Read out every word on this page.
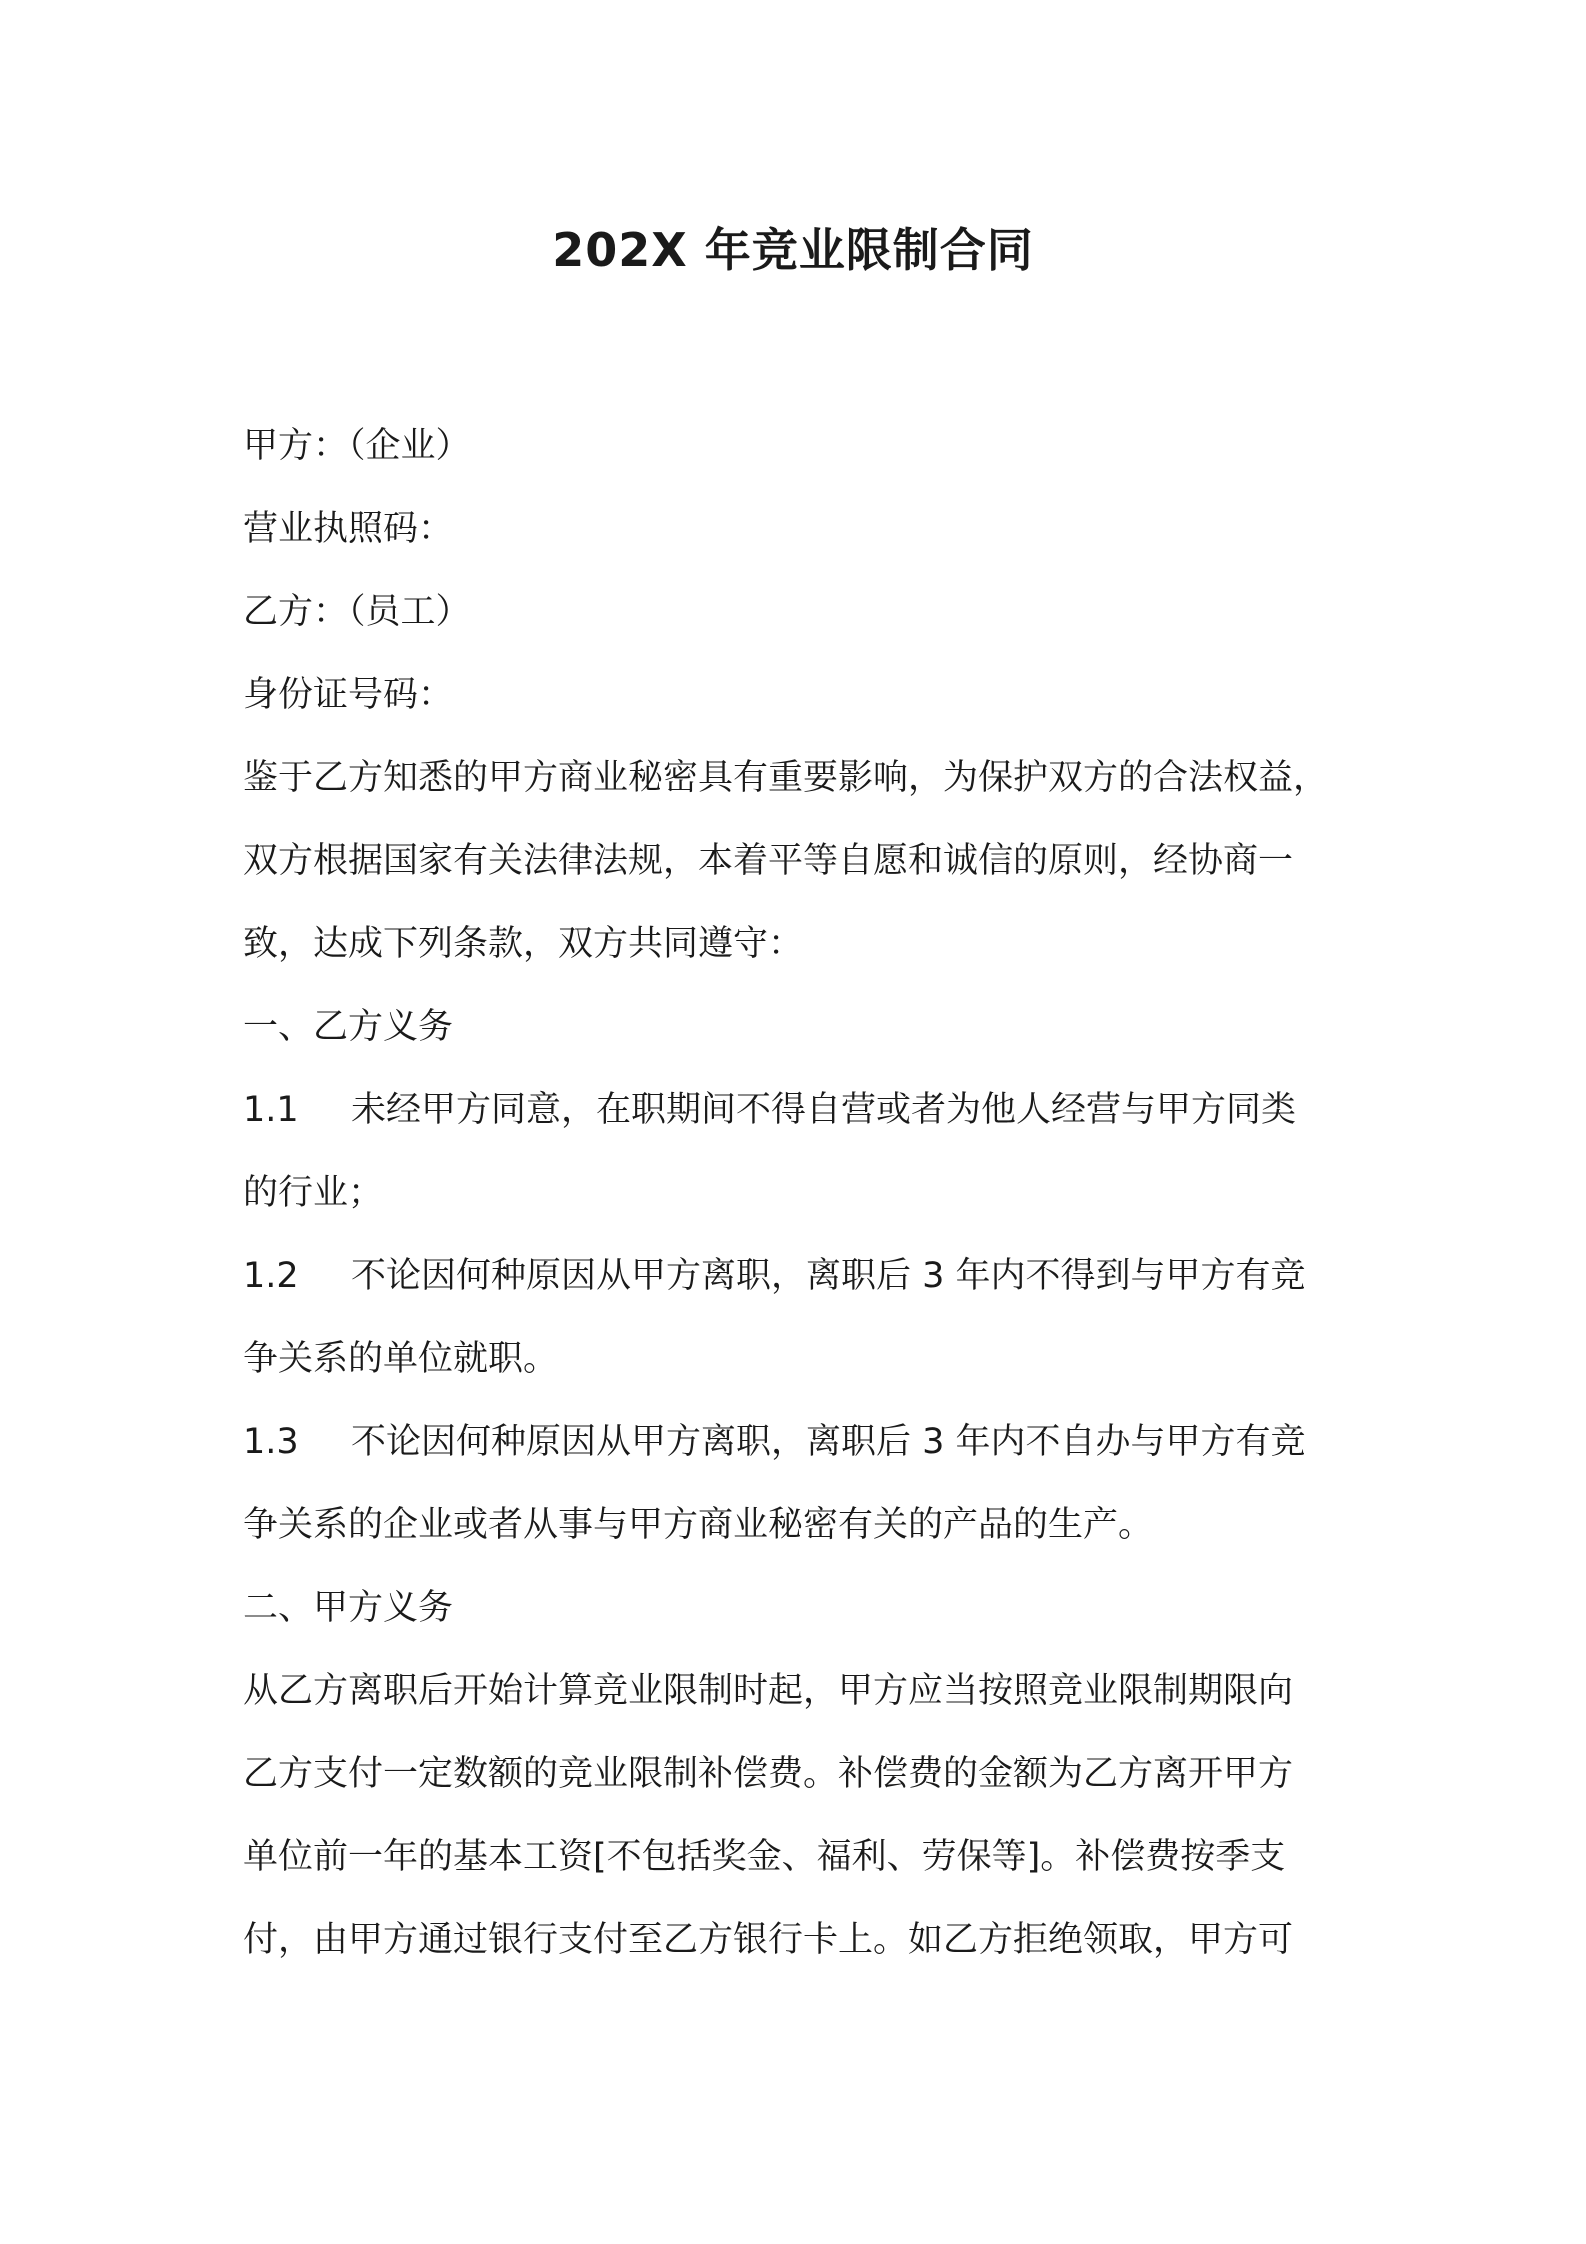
202X 年竞业限制合同
甲方：（企业）
营业执照码：
乙方：（员工）
身份证号码：
鉴于乙方知悉的甲方商业秘密具有重要影响，为保护双方的合法权益，
双方根据国家有关法律法规，本着平等自愿和诚信的原则，经协商一
致，达成下列条款，双方共同遵守：
一、乙方义务
1.1 未经甲方同意，在职期间不得自营或者为他人经营与甲方同类
的行业；
1.2 不论因何种原因从甲方离职，离职后 3 年内不得到与甲方有竞
争关系的单位就职。
1.3 不论因何种原因从甲方离职，离职后 3 年内不自办与甲方有竞
争关系的企业或者从事与甲方商业秘密有关的产品的生产。
二、甲方义务
从乙方离职后开始计算竞业限制时起，甲方应当按照竞业限制期限向
乙方支付一定数额的竞业限制补偿费。补偿费的金额为乙方离开甲方
单位前一年的基本工资[不包括奖金、福利、劳保等]。补偿费按季支
付，由甲方通过银行支付至乙方银行卡上。如乙方拒绝领取，甲方可
